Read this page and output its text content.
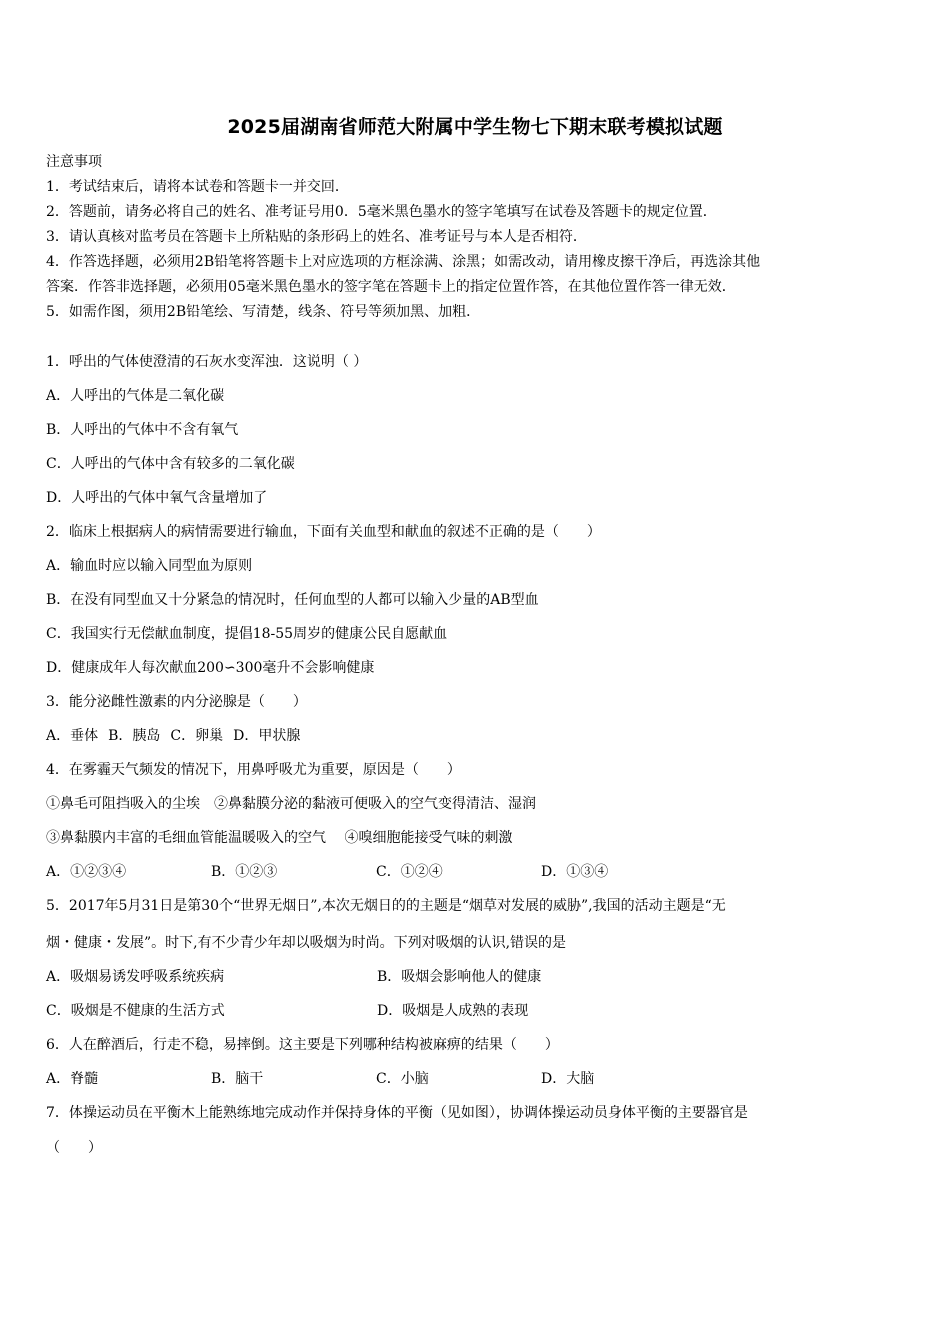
2025届湖南省师范大附属中学生物七下期末联考模拟试题
注意事项
1．考试结束后，请将本试卷和答题卡一并交回．
2．答题前，请务必将自己的姓名、准考证号用0．5毫米黑色墨水的签字笔填写在试卷及答题卡的规定位置．
3．请认真核对监考员在答题卡上所粘贴的条形码上的姓名、准考证号与本人是否相符．
4．作答选择题，必须用2B铅笔将答题卡上对应选项的方框涂满、涂黑；如需改动，请用橡皮擦干净后，再选涂其他
答案．作答非选择题，必须用05毫米黑色墨水的签字笔在答题卡上的指定位置作答，在其他位置作答一律无效．
5．如需作图，须用2B铅笔绘、写清楚，线条、符号等须加黑、加粗．
1．呼出的气体使澄清的石灰水变浑浊．这说明（ ）
A．人呼出的气体是二氧化碳
B．人呼出的气体中不含有氧气
C．人呼出的气体中含有较多的二氧化碳
D．人呼出的气体中氧气含量增加了
2．临床上根据病人的病情需要进行输血，下面有关血型和献血的叙述不正确的是（　　）
A．输血时应以输入同型血为原则
B．在没有同型血又十分紧急的情况时，任何血型的人都可以输入少量的AB型血
C．我国实行无偿献血制度，提倡18-55周岁的健康公民自愿献血
D．健康成年人每次献血200∽300毫升不会影响健康
3．能分泌雌性激素的内分泌腺是（　　）
A．垂体 B．胰岛 C．卵巢 D．甲状腺
4．在雾霾天气频发的情况下，用鼻呼吸尤为重要，原因是（　　）
①鼻毛可阻挡吸入的尘埃　②鼻黏膜分泌的黏液可便吸入的空气变得清洁、湿润
③鼻黏膜内丰富的毛细血管能温暖吸入的空气　 ④嗅细胞能接受气味的刺激
A．①②③④	B．①②③	C．①②④	D．①③④
5．2017年5月31日是第30个“世界无烟日”,本次无烟日的的主题是“烟草对发展的威胁”,我国的活动主题是“无
烟・健康・发展”。时下,有不少青少年却以吸烟为时尚。下列对吸烟的认识,错误的是
A．吸烟易诱发呼吸系统疾病	B．吸烟会影响他人的健康
C．吸烟是不健康的生活方式	D．吸烟是人成熟的表现
6．人在醉酒后，行走不稳，易摔倒。这主要是下列哪种结构被麻痹的结果（　　）
A．脊髓	B．脑干	C．小脑	D．大脑
7．体操运动员在平衡木上能熟练地完成动作并保持身体的平衡（见如图），协调体操运动员身体平衡的主要器官是
（　　）
